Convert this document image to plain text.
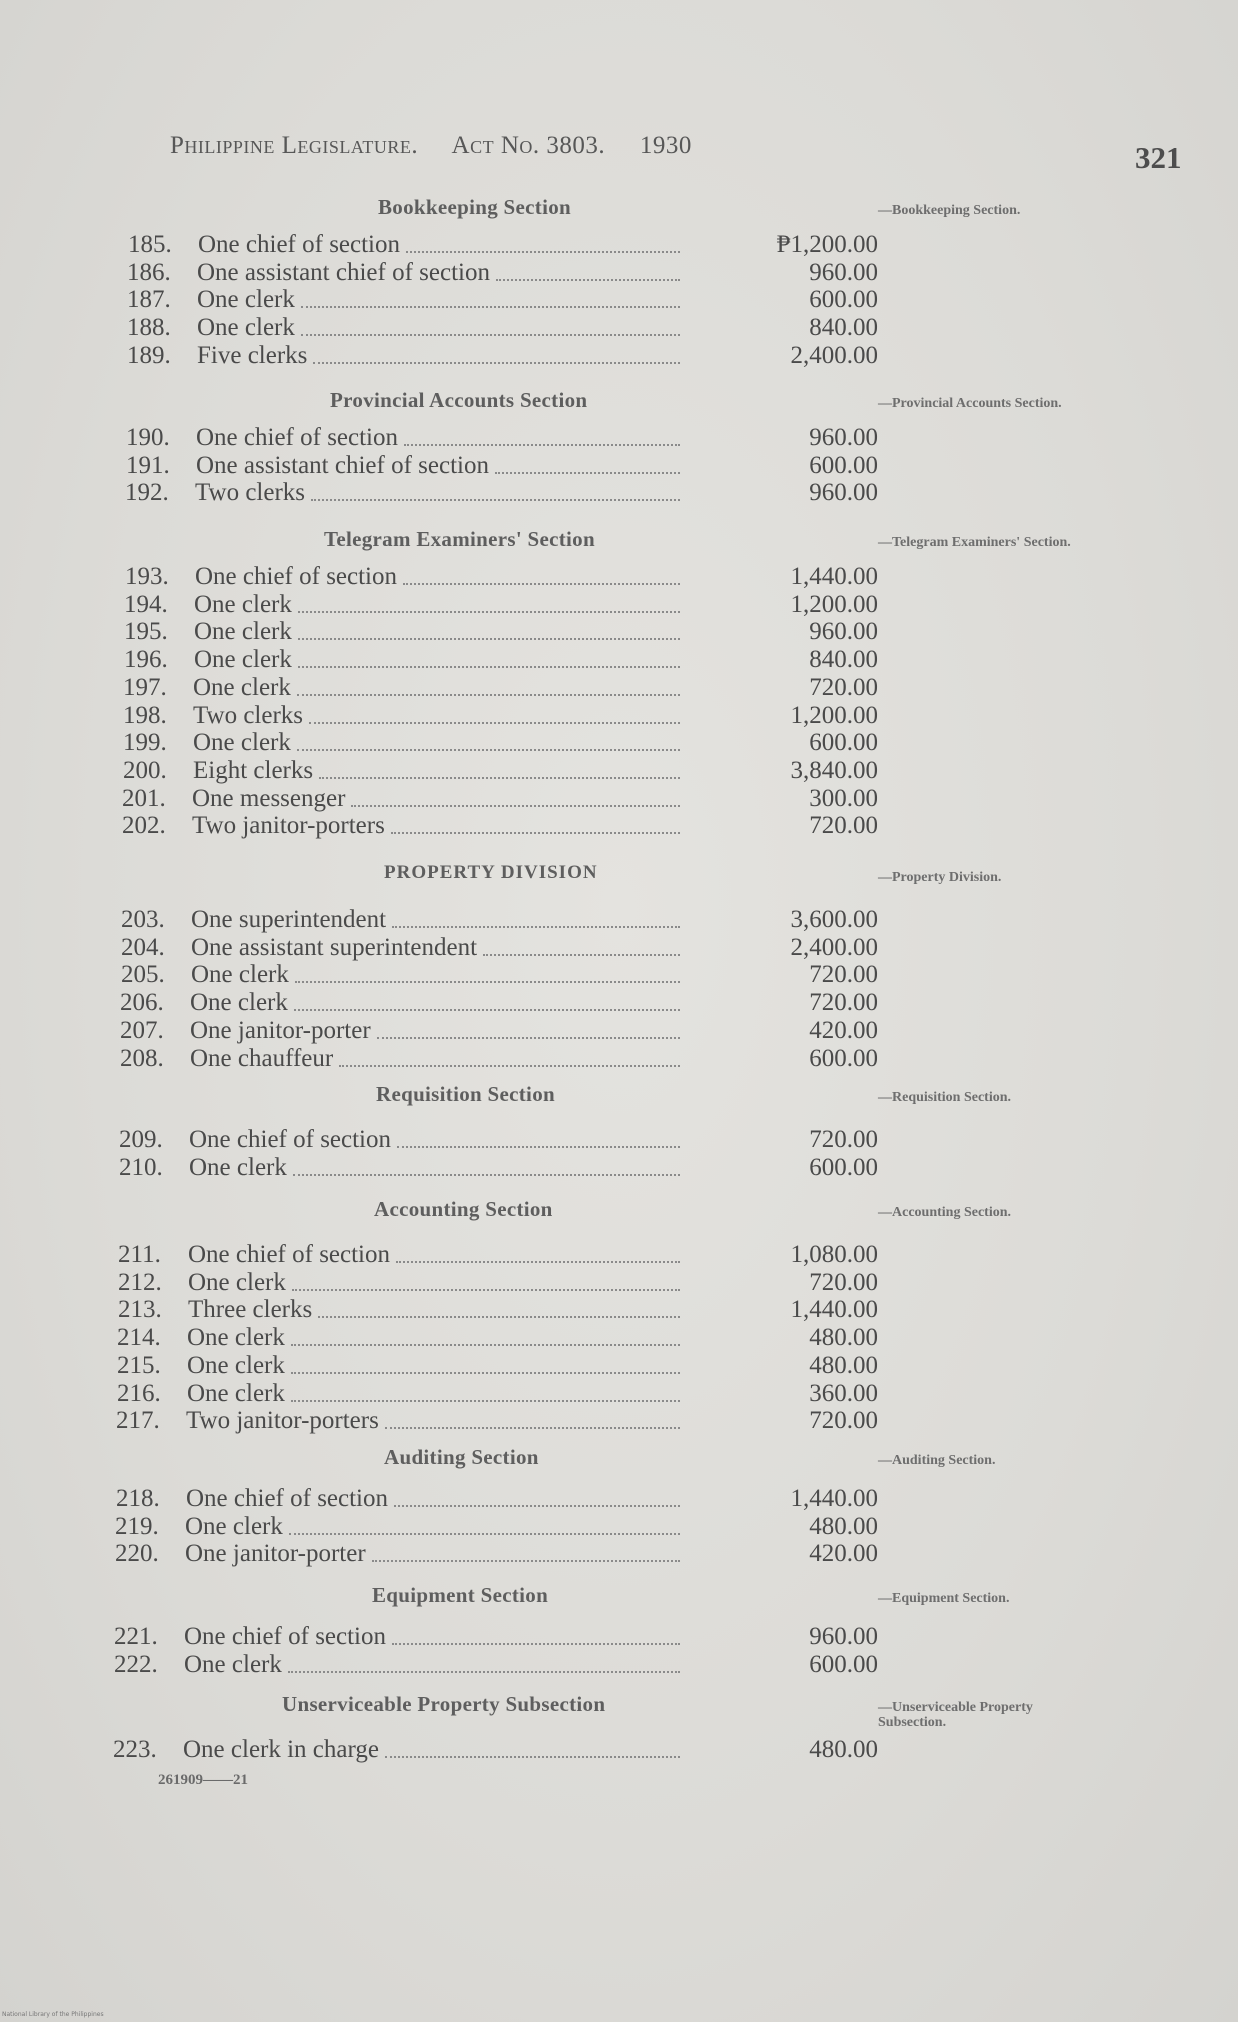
Philippine Legislature. Act No. 3803. 1930	321
Bookkeeping Section	—Bookkeeping Section.
185.	One chief of section	₱1,200.00
186.	One assistant chief of section	960.00
187.	One clerk	600.00
188.	One clerk	840.00
189.	Five clerks	2,400.00
Provincial Accounts Section	—Provincial Accounts Section.
190.	One chief of section	960.00
191.	One assistant chief of section	600.00
192.	Two clerks	960.00
Telegram Examiners' Section	—Telegram Examiners' Section.
193.	One chief of section	1,440.00
194.	One clerk	1,200.00
195.	One clerk	960.00
196.	One clerk	840.00
197.	One clerk	720.00
198.	Two clerks	1,200.00
199.	One clerk	600.00
200.	Eight clerks	3,840.00
201.	One messenger	300.00
202.	Two janitor-porters	720.00
PROPERTY DIVISION	—Property Division.
203.	One superintendent	3,600.00
204.	One assistant superintendent	2,400.00
205.	One clerk	720.00
206.	One clerk	720.00
207.	One janitor-porter	420.00
208.	One chauffeur	600.00
Requisition Section	—Requisition Section.
209.	One chief of section	720.00
210.	One clerk	600.00
Accounting Section	—Accounting Section.
211.	One chief of section	1,080.00
212.	One clerk	720.00
213.	Three clerks	1,440.00
214.	One clerk	480.00
215.	One clerk	480.00
216.	One clerk	360.00
217.	Two janitor-porters	720.00
Auditing Section	—Auditing Section.
218.	One chief of section	1,440.00
219.	One clerk	480.00
220.	One janitor-porter	420.00
Equipment Section	—Equipment Section.
221.	One chief of section	960.00
222.	One clerk	600.00
Unserviceable Property Subsection	—Unserviceable Property Subsection.
223.	One clerk in charge	480.00
261909——21
National Library of the Philippines
